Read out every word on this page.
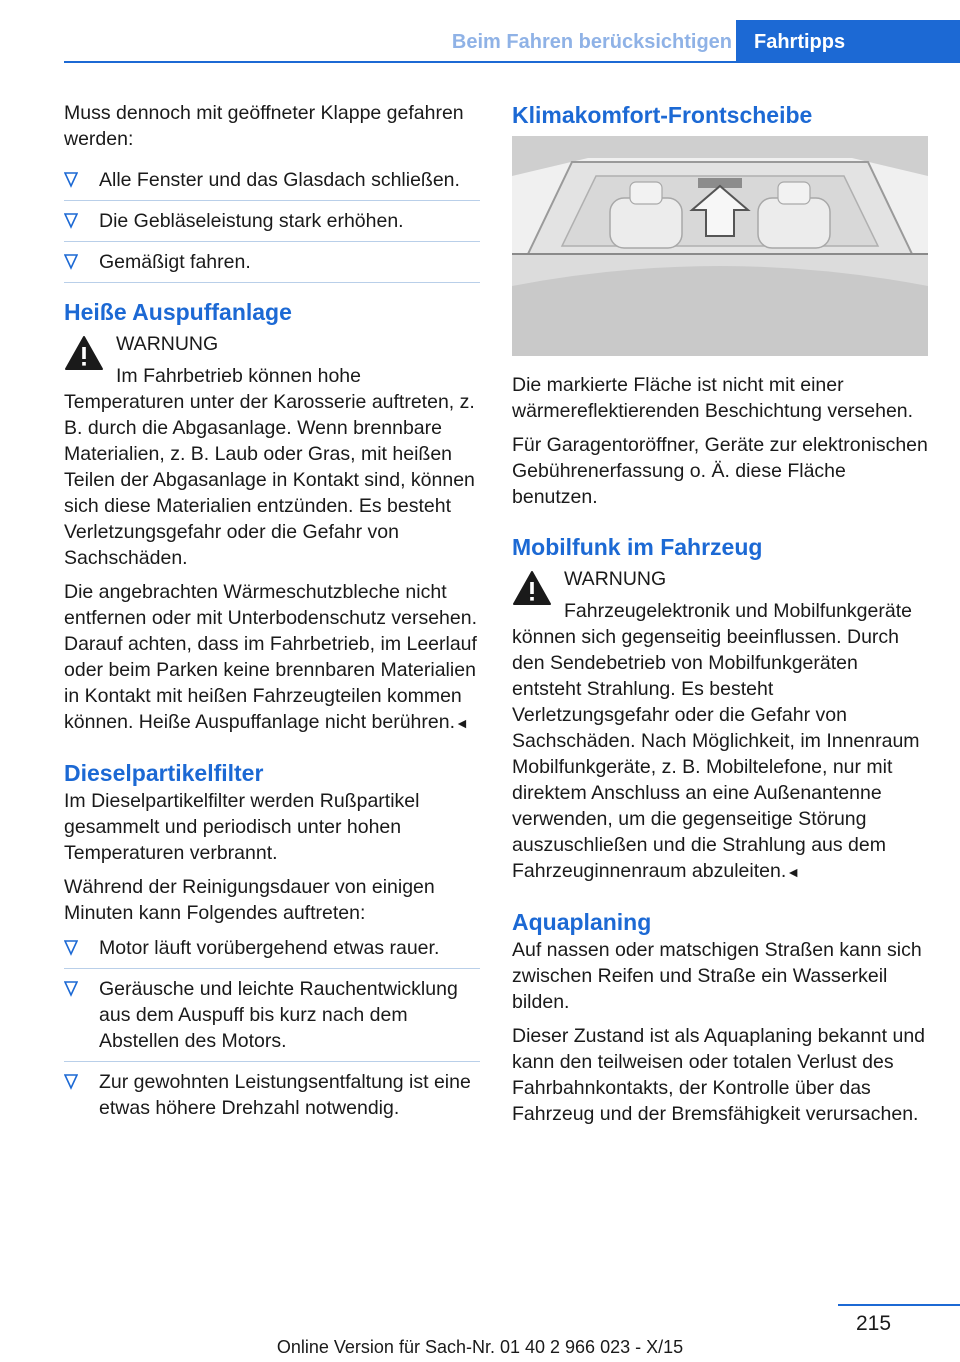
Beim Fahren berücksichtigen	Fahrtipps

Muss dennoch mit geöffneter Klappe gefahren werden:

Alle Fenster und das Glasdach schließen.
Die Gebläseleistung stark erhöhen.
Gemäßigt fahren.
Heiße Auspuffanlage

WARNUNG

Im Fahrbetrieb können hohe Temperaturen unter der Karosserie auftreten, z. B. durch die Abgasanlage. Wenn brennbare Materialien, z. B. Laub oder Gras, mit heißen Teilen der Abgasanlage in Kontakt sind, können sich diese Materialien entzünden. Es besteht Verletzungsgefahr oder die Gefahr von Sachschäden.

Die angebrachten Wärmeschutzbleche nicht entfernen oder mit Unterbodenschutz versehen. Darauf achten, dass im Fahrbetrieb, im Leerlauf oder beim Parken keine brennbaren Materialien in Kontakt mit heißen Fahrzeugteilen kommen können. Heiße Auspuffanlage nicht berühren.◄

Dieselpartikelfilter

Im Dieselpartikelfilter werden Rußpartikel gesammelt und periodisch unter hohen Temperaturen verbrannt.

Während der Reinigungsdauer von einigen Minuten kann Folgendes auftreten:

Motor läuft vorübergehend etwas rauer.
Geräusche und leichte Rauchentwicklung aus dem Auspuff bis kurz nach dem Abstellen des Motors.
Zur gewohnten Leistungsentfaltung ist eine etwas höhere Drehzahl notwendig.
Klimakomfort-Frontscheibe

Die markierte Fläche ist nicht mit einer wärmereflektierenden Beschichtung versehen.

Für Garagentoröffner, Geräte zur elektronischen Gebührenerfassung o. Ä. diese Fläche benutzen.

Mobilfunk im Fahrzeug

WARNUNG

Fahrzeugelektronik und Mobilfunkgeräte können sich gegenseitig beeinflussen. Durch den Sendebetrieb von Mobilfunkgeräten entsteht Strahlung. Es besteht Verletzungsgefahr oder die Gefahr von Sachschäden. Nach Möglichkeit, im Innenraum Mobilfunkgeräte, z. B. Mobiltelefone, nur mit direktem Anschluss an eine Außenantenne verwenden, um die gegenseitige Störung auszuschließen und die Strahlung aus dem Fahrzeuginnenraum abzuleiten.◄

Aquaplaning

Auf nassen oder matschigen Straßen kann sich zwischen Reifen und Straße ein Wasserkeil bilden.

Dieser Zustand ist als Aquaplaning bekannt und kann den teilweisen oder totalen Verlust des Fahrbahnkontakts, der Kontrolle über das Fahrzeug und der Bremsfähigkeit verursachen.

215
Online Version für Sach-Nr. 01 40 2 966 023 - X/15
